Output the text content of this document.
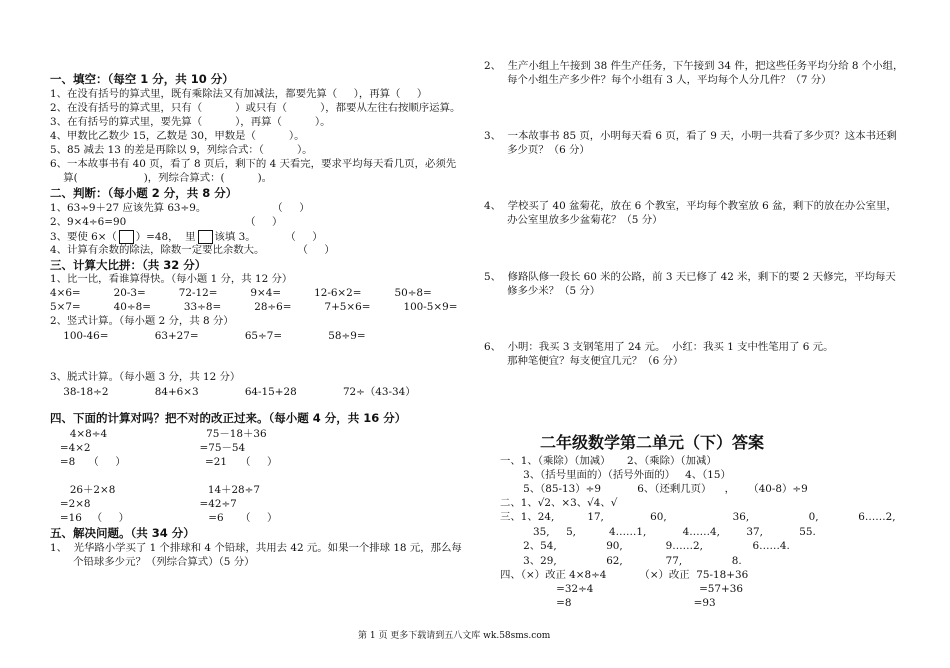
一、填空：（每空 1 分，共 10 分）
1、在没有括号的算式里，既有乘除法又有加减法，都要先算（     ），再算（     ）
2、在没有括号的算式里，只有（          ）或只有（          ），都要从左往右按顺序运算。
3、在有括号的算式里，要先算（          ），再算（          ）。
4、甲数比乙数少 15，乙数是 30，甲数是（          ）。
5、85 减去 13 的差是再除以 9，列综合式：（          ）。
6、一本故事书有 40 页，看了 8 页后，剩下的 4 天看完，要求平均每天看几页，必须先
算(                    )，列综合算式：(          )。
二、判断：（每小题 2 分，共 8 分）
1、63÷9＋27 应该先算 63÷9。                    （     ）
2、9×4÷6=90                                    （     ）
3、要使 6×（ ）=48，  里 该填 3。         （     ）
4、计算有余数的除法，除数一定要比余数大。          （     ）
三、计算大比拼：（共 32 分）
1、比一比，看谁算得快。（每小题 1 分，共 12 分）
4×6=          20-3=          72-12=          9×4=          12-6×2=          50÷8=
5×7=          40÷8=          33÷8=          28÷6=          7+5×6=          100-5×9=
2、竖式计算。（每小题 2 分，共 8 分）
100-46=              63+27=              65÷7=              58÷9=
3、脱式计算。（每小题 3 分，共 12 分）
38-18÷2              84+6×3              64-15+28              72÷（43-34）
四、下面的计算对吗？把不对的改正过来。（每小题 4 分，共 16 分）
4×8÷4                              75－18＋36
=4×2                                 =75－54
=8    （     ）                        =21    （     ）
26＋2×8                            14＋28÷7
=2×8                                 =42÷7
=16   （     ）                        =6     （     ）
五、解决问题。（共 34 分）
1、  光华路小学买了 1 个排球和 4 个铅球，共用去 42 元。如果一个排球 18 元，那么每
个铅球多少元？（列综合算式）（5 分）
2、  生产小组上午接到 38 件生产任务，下午接到 34 件，把这些任务平均分给 8 个小组，
每个小组生产多少件？每个小组有 3 人，平均每个人分几件？（7 分）
3、  一本故事书 85 页，小明每天看 6 页，看了 9 天，小明一共看了多少页？这本书还剩
多少页？（6 分）
4、  学校买了 40 盆菊花，放在 6 个教室，平均每个教室放 6 盆，剩下的放在办公室里，
办公室里放多少盆菊花？（5 分）
5、  修路队修一段长 60 米的公路，前 3 天已修了 42 米，剩下的要 2 天修完，平均每天
修多少米？（5 分）
6、  小明：我买 3 支钢笔用了 24 元。  小红：我买 1 支中性笔用了 6 元。
那种笔便宜？每支便宜几元？（6 分）
二年级数学第二单元（下）答案
一、1、（乘除）（加减）     2、（乘除）（加减）
3、（括号里面的）（括号外面的）   4、（15）
5、（85-13）÷9           6、（还剩几页）    ，    （40-8）÷9
二、1、√2、×3、√4、√
三、1、24,          17,              60,                    36,                  0,            6……2,
35,     5,          4……1,           4……4,        37,           55.
2、54,               90,             9……2,               6……4.
3、29,               62,             77,               8.
四、（×）改正 4×8÷4          （×）改正  75-18+36
=32÷4                                =57+36
=8                                     =93
第 1 页 更多下载请到五八文库 wk.58sms.com
